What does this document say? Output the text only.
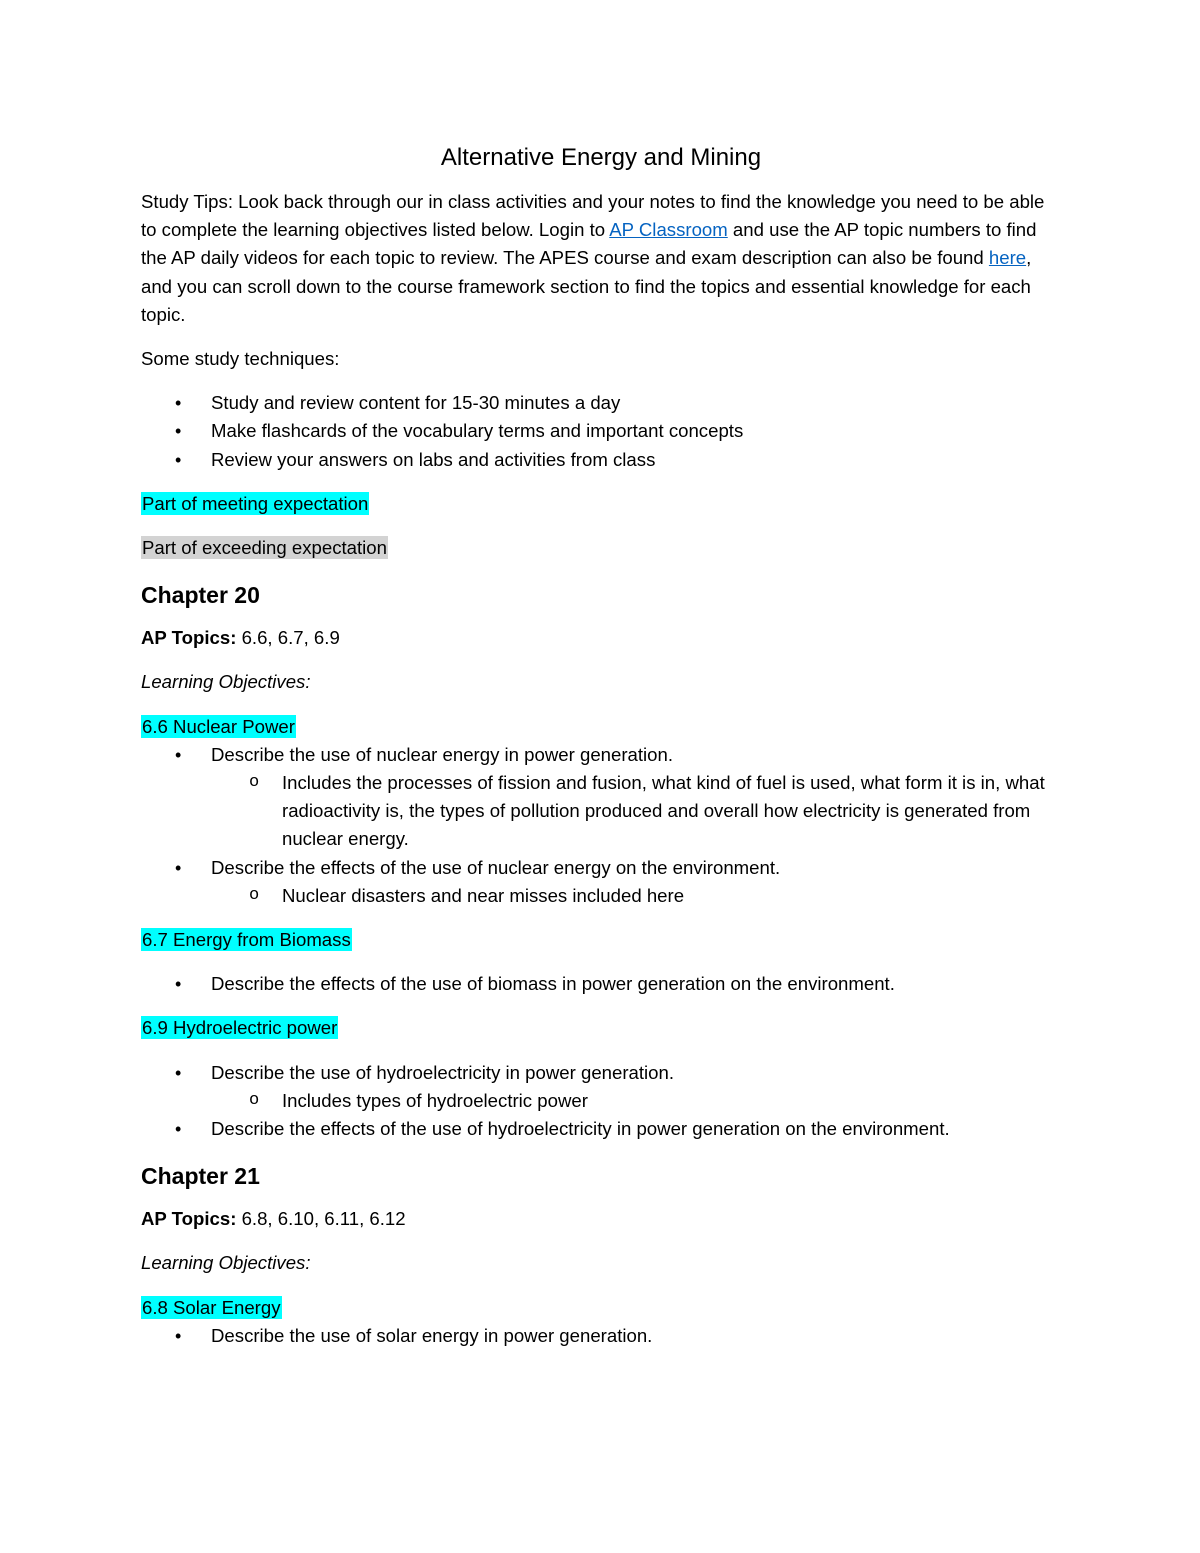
Alternative Energy and Mining

Study Tips: Look back through our in class activities and your notes to find the knowledge you need to be able to complete the learning objectives listed below. Login to AP Classroom and use the AP topic numbers to find the AP daily videos for each topic to review. The APES course and exam description can also be found here, and you can scroll down to the course framework section to find the topics and essential knowledge for each topic.

Some study techniques:

• Study and review content for 15-30 minutes a day
• Make flashcards of the vocabulary terms and important concepts
• Review your answers on labs and activities from class

Part of meeting expectation

Part of exceeding expectation

Chapter 20

AP Topics: 6.6, 6.7, 6.9

Learning Objectives:

6.6 Nuclear Power
• Describe the use of nuclear energy in power generation.
o Includes the processes of fission and fusion, what kind of fuel is used, what form it is in, what radioactivity is, the types of pollution produced and overall how electricity is generated from nuclear energy.
• Describe the effects of the use of nuclear energy on the environment.
o Nuclear disasters and near misses included here
6.7 Energy from Biomass
• Describe the effects of the use of biomass in power generation on the environment.
6.9 Hydroelectric power
• Describe the use of hydroelectricity in power generation.
o Includes types of hydroelectric power
• Describe the effects of the use of hydroelectricity in power generation on the environment.
Chapter 21

AP Topics: 6.8, 6.10, 6.11, 6.12

Learning Objectives:

6.8 Solar Energy
• Describe the use of solar energy in power generation.
